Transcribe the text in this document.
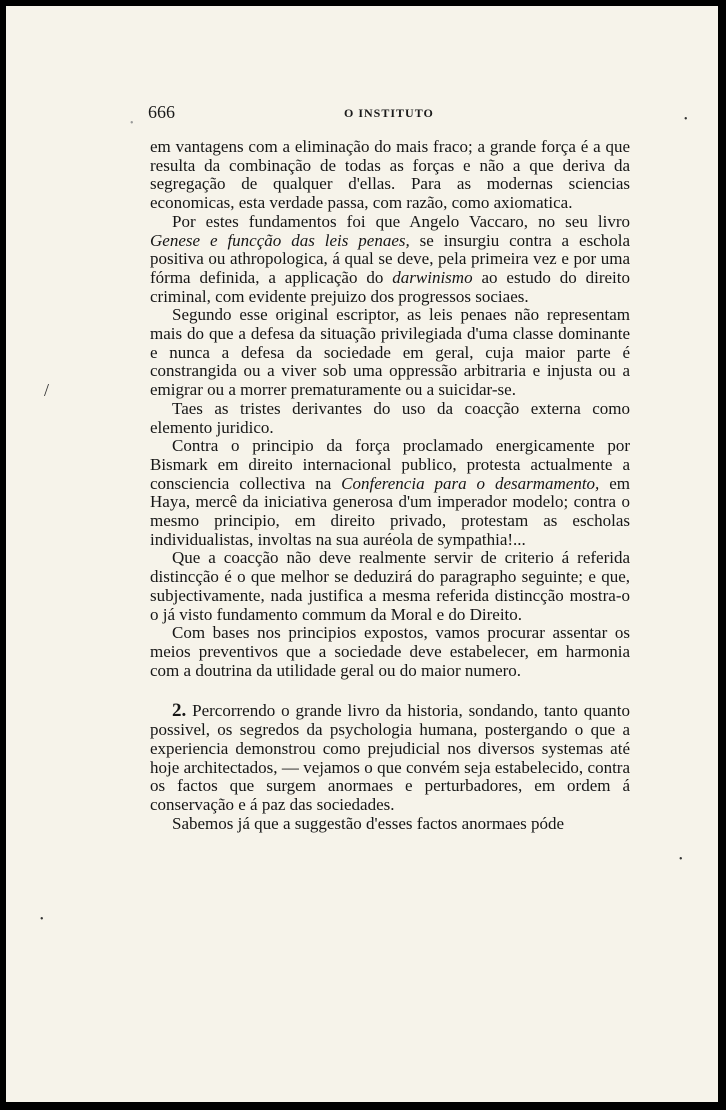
•	•
/
•
•
666	O INSTITUTO

em vantagens com a eliminação do mais fraco; a grande força é a que resulta da combinação de todas as forças e não a que deriva da segregação de qualquer d'ellas. Para as modernas sciencias economicas, esta verdade passa, com razão, como axiomatica.

Por estes fundamentos foi que Angelo Vaccaro, no seu livro Genese e funcção das leis penaes, se insurgiu contra a eschola positiva ou athropologica, á qual se deve, pela primeira vez e por uma fórma definida, a applicação do darwinismo ao estudo do direito criminal, com evidente prejuizo dos progressos sociaes.

Segundo esse original escriptor, as leis penaes não representam mais do que a defesa da situação privilegiada d'uma classe dominante e nunca a defesa da sociedade em geral, cuja maior parte é constrangida ou a viver sob uma oppressão arbitraria e injusta ou a emigrar ou a morrer prematuramente ou a suicidar-se.

Taes as tristes derivantes do uso da coacção externa como elemento juridico.

Contra o principio da força proclamado energicamente por Bismark em direito internacional publico, protesta actualmente a consciencia collectiva na Conferencia para o desarmamento, em Haya, mercê da iniciativa generosa d'um imperador modelo; contra o mesmo principio, em direito privado, protestam as escholas individualistas, involtas na sua auréola de sympathia!...

Que a coacção não deve realmente servir de criterio á referida distincção é o que melhor se deduzirá do paragrapho seguinte; e que, subjectivamente, nada justifica a mesma referida distincção mostra-o o já visto fundamento commum da Moral e do Direito.

Com bases nos principios expostos, vamos procurar assentar os meios preventivos que a sociedade deve estabelecer, em harmonia com a doutrina da utilidade geral ou do maior numero.

2. Percorrendo o grande livro da historia, sondando, tanto quanto possivel, os segredos da psychologia humana, postergando o que a experiencia demonstrou como prejudicial nos diversos systemas até hoje architectados, — vejamos o que convém seja estabelecido, contra os factos que surgem anormaes e perturbadores, em ordem á conservação e á paz das sociedades.

Sabemos já que a suggestão d'esses factos anormaes póde
